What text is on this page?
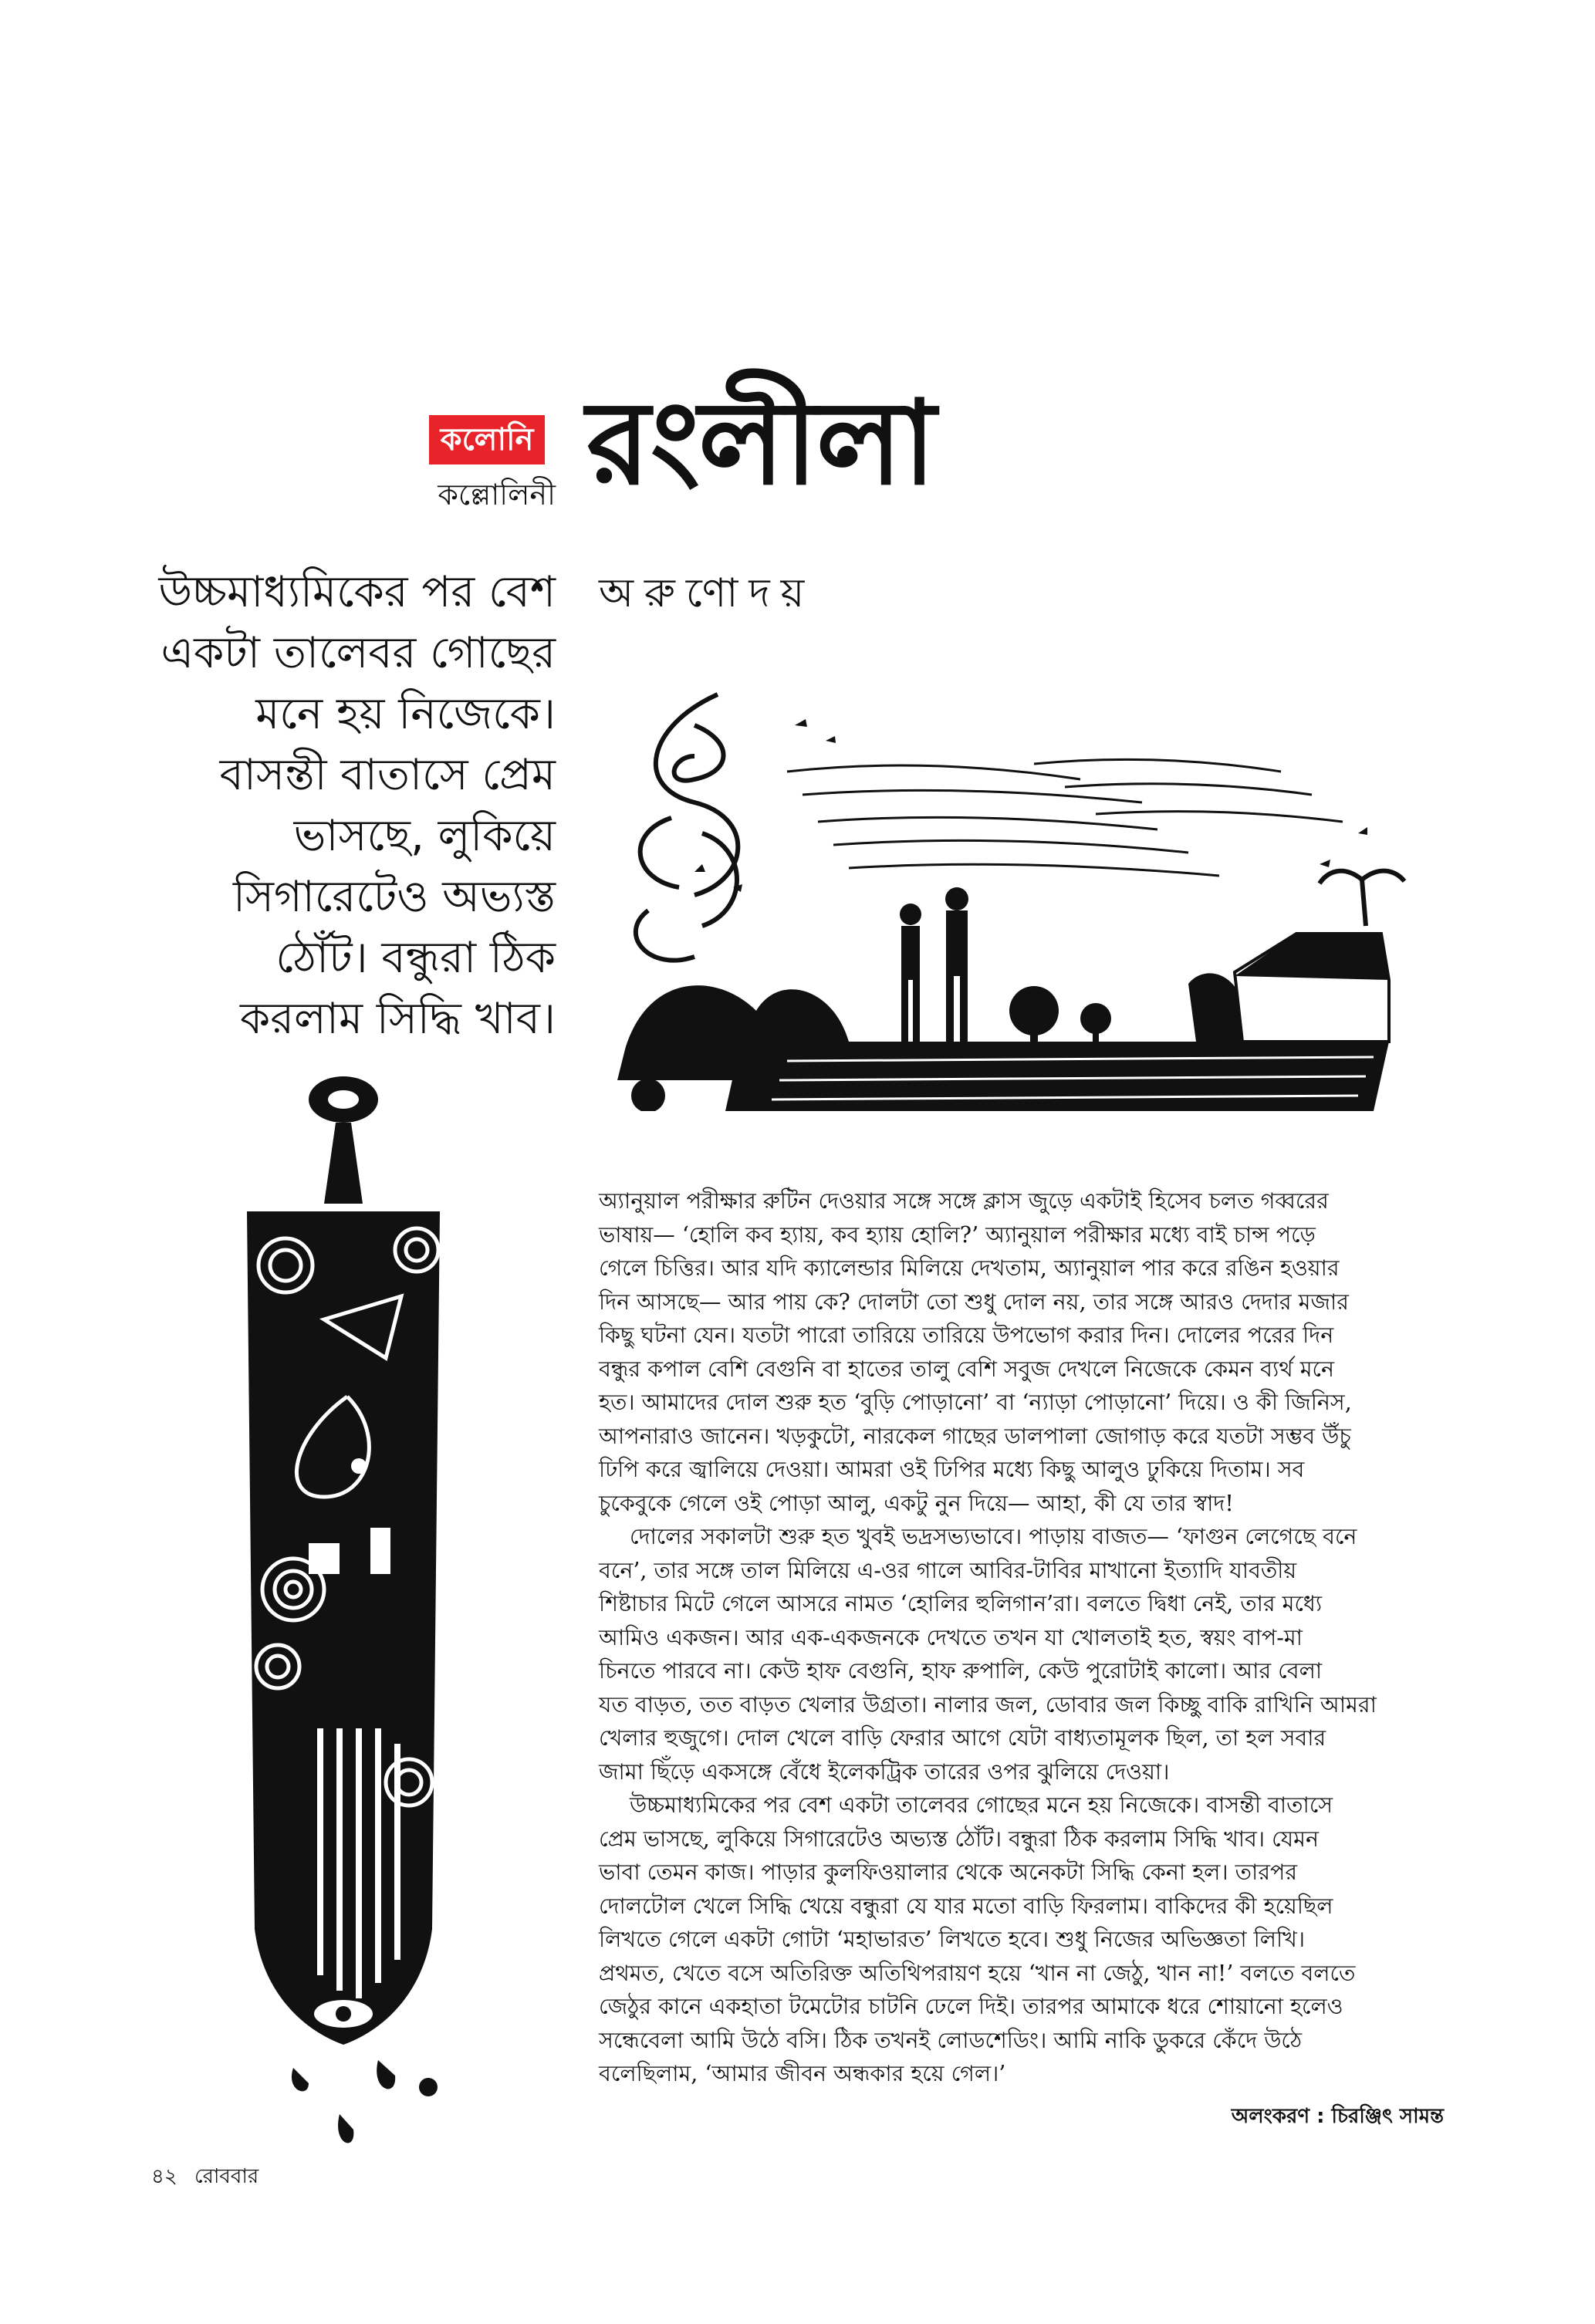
কলোনি
কল্লোলিনী রংলীলা
অরুণোদয়
উচ্চমাধ্যমিকের পর বেশ
একটা তালেবর গোছের
মনে হয় নিজেকে।
বাসন্তী বাতাসে প্রেম
ভাসছে, লুকিয়ে
সিগারেটেও অভ্যস্ত
ঠোঁট। বন্ধুরা ঠিক
করলাম সিদ্ধি খাব।
অ্যানুয়াল পরীক্ষার রুটিন দেওয়ার সঙ্গে সঙ্গে ক্লাস জুড়ে একটাই হিসেব চলত গব্বরের
ভাষায়— ‘হোলি কব হ্যায়, কব হ্যায় হোলি?’ অ্যানুয়াল পরীক্ষার মধ্যে বাই চান্স পড়ে
গেলে চিত্তির। আর যদি ক্যালেন্ডার মিলিয়ে দেখতাম, অ্যানুয়াল পার করে রঙিন হওয়ার
দিন আসছে— আর পায় কে? দোলটা তো শুধু দোল নয়, তার সঙ্গে আরও দেদার মজার
কিছু ঘটনা যেন। যতটা পারো তারিয়ে তারিয়ে উপভোগ করার দিন। দোলের পরের দিন
বন্ধুর কপাল বেশি বেগুনি বা হাতের তালু বেশি সবুজ দেখলে নিজেকে কেমন ব্যর্থ মনে
হত। আমাদের দোল শুরু হত ‘বুড়ি পোড়ানো’ বা ‘ন্যাড়া পোড়ানো’ দিয়ে। ও কী জিনিস,
আপনারাও জানেন। খড়কুটো, নারকেল গাছের ডালপালা জোগাড় করে যতটা সম্ভব উঁচু
ঢিপি করে জ্বালিয়ে দেওয়া। আমরা ওই ঢিপির মধ্যে কিছু আলুও ঢুকিয়ে দিতাম। সব
চুকেবুকে গেলে ওই পোড়া আলু, একটু নুন দিয়ে— আহা, কী যে তার স্বাদ!
দোলের সকালটা শুরু হত খুবই ভদ্রসভ্যভাবে। পাড়ায় বাজত— ‘ফাগুন লেগেছে বনে
বনে’, তার সঙ্গে তাল মিলিয়ে এ-ওর গালে আবির-টাবির মাখানো ইত্যাদি যাবতীয়
শিষ্টাচার মিটে গেলে আসরে নামত ‘হোলির হুলিগান’রা। বলতে দ্বিধা নেই, তার মধ্যে
আমিও একজন। আর এক-একজনকে দেখতে তখন যা খোলতাই হত, স্বয়ং বাপ-মা
চিনতে পারবে না। কেউ হাফ বেগুনি, হাফ রুপালি, কেউ পুরোটাই কালো। আর বেলা
যত বাড়ত, তত বাড়ত খেলার উগ্রতা। নালার জল, ডোবার জল কিচ্ছু বাকি রাখিনি আমরা
খেলার হুজুগে। দোল খেলে বাড়ি ফেরার আগে যেটা বাধ্যতামূলক ছিল, তা হল সবার
জামা ছিঁড়ে একসঙ্গে বেঁধে ইলেকট্রিক তারের ওপর ঝুলিয়ে দেওয়া।
উচ্চমাধ্যমিকের পর বেশ একটা তালেবর গোছের মনে হয় নিজেকে। বাসন্তী বাতাসে
প্রেম ভাসছে, লুকিয়ে সিগারেটেও অভ্যস্ত ঠোঁট। বন্ধুরা ঠিক করলাম সিদ্ধি খাব। যেমন
ভাবা তেমন কাজ। পাড়ার কুলফিওয়ালার থেকে অনেকটা সিদ্ধি কেনা হল। তারপর
দোলটোল খেলে সিদ্ধি খেয়ে বন্ধুরা যে যার মতো বাড়ি ফিরলাম। বাকিদের কী হয়েছিল
লিখতে গেলে একটা গোটা ‘মহাভারত’ লিখতে হবে। শুধু নিজের অভিজ্ঞতা লিখি।
প্রথমত, খেতে বসে অতিরিক্ত অতিথিপরায়ণ হয়ে ‘খান না জেঠু, খান না!’ বলতে বলতে
জেঠুর কানে একহাতা টমেটোর চাটনি ঢেলে দিই। তারপর আমাকে ধরে শোয়ানো হলেও
সন্ধেবেলা আমি উঠে বসি। ঠিক তখনই লোডশেডিং। আমি নাকি ডুকরে কেঁদে উঠে
বলেছিলাম, ‘আমার জীবন অন্ধকার হয়ে গেল।’
অলংকরণ : চিরঞ্জিৎ সামন্ত
৪২ রোববার
